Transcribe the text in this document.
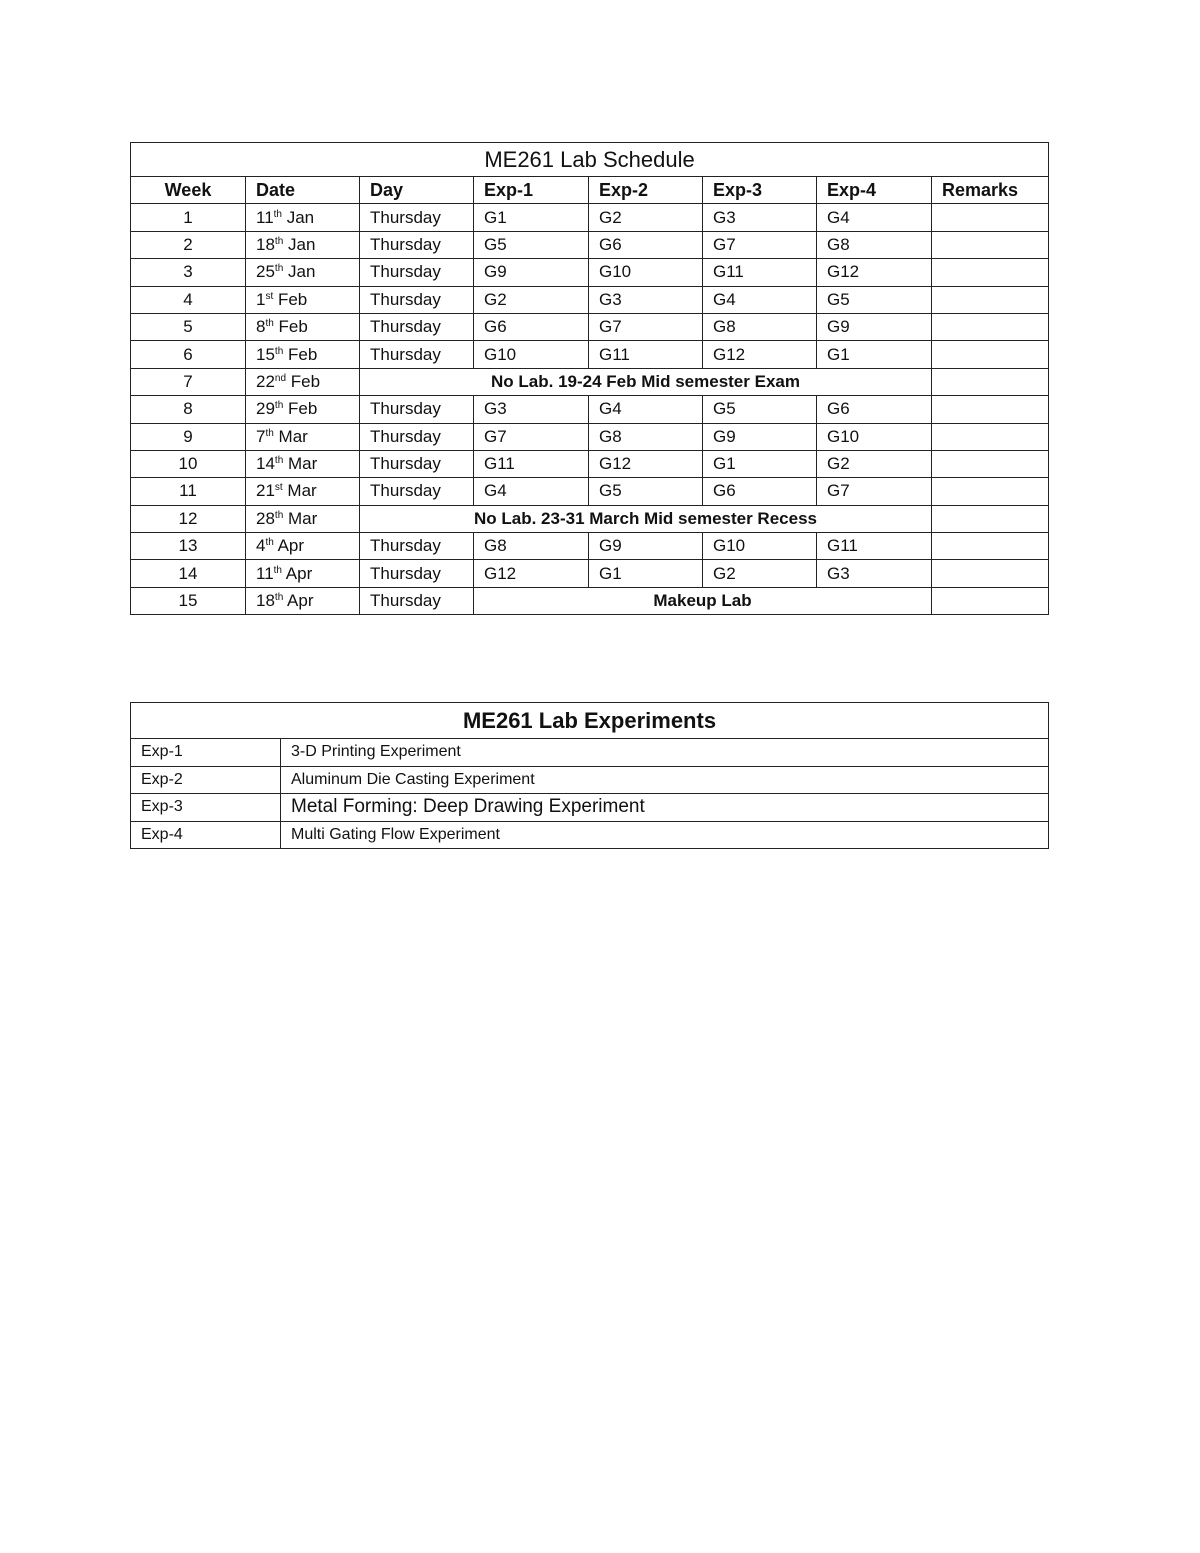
ME261 Lab Schedule							
Week	Date	Day	Exp-1	Exp-2	Exp-3	Exp-4	Remarks
1	11th Jan	Thursday	G1	G2	G3	G4	
2	18th Jan	Thursday	G5	G6	G7	G8	
3	25th Jan	Thursday	G9	G10	G11	G12	
4	1st Feb	Thursday	G2	G3	G4	G5	
5	8th Feb	Thursday	G6	G7	G8	G9	
6	15th Feb	Thursday	G10	G11	G12	G1	
7	22nd Feb	No Lab. 19-24 Feb Mid semester Exam					
8	29th Feb	Thursday	G3	G4	G5	G6	
9	7th Mar	Thursday	G7	G8	G9	G10	
10	14th Mar	Thursday	G11	G12	G1	G2	
11	21st Mar	Thursday	G4	G5	G6	G7	
12	28th Mar	No Lab. 23-31 March Mid semester Recess					
13	4th Apr	Thursday	G8	G9	G10	G11	
14	11th Apr	Thursday	G12	G1	G2	G3	
15	18th Apr	Thursday	Makeup Lab				
ME261 Lab Experiments	
Exp-1	3-D Printing Experiment
Exp-2	Aluminum Die Casting Experiment
Exp-3	Metal Forming: Deep Drawing Experiment
Exp-4	Multi Gating Flow Experiment
